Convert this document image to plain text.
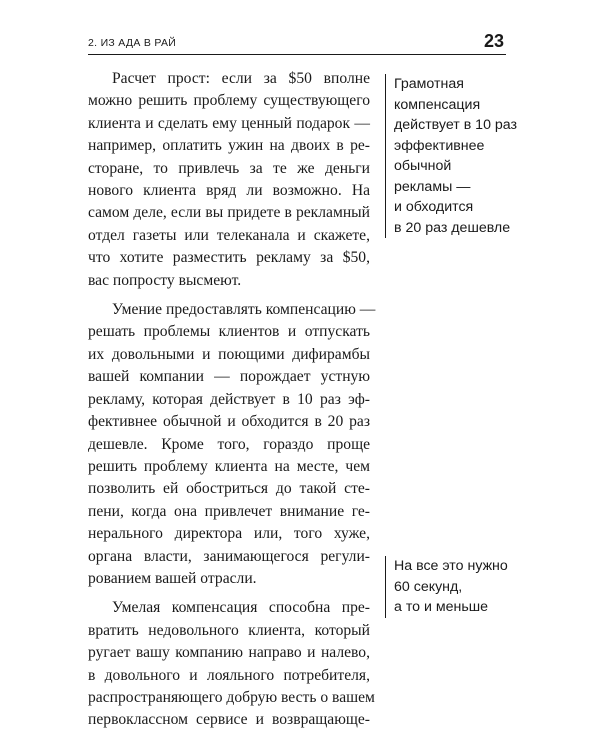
2. ИЗ АДА В РАЙ	23
Расчет прост: если за $50 вполне
можно решить проблему существующего
клиента и сделать ему ценный подарок —
например, оплатить ужин на двоих в ре-
сторане, то привлечь за те же деньги
нового клиента вряд ли возможно. На
самом деле, если вы придете в рекламный
отдел газеты или телеканала и скажете,
что хотите разместить рекламу за $50,
вас попросту высмеют.
Умение предоставлять компенсацию —
решать проблемы клиентов и отпускать
их довольными и поющими дифирамбы
вашей компании — порождает устную
рекламу, которая действует в 10 раз эф-
фективнее обычной и обходится в 20 раз
дешевле. Кроме того, гораздо проще
решить проблему клиента на месте, чем
позволить ей обостриться до такой сте-
пени, когда она привлечет внимание ге-
нерального директора или, того хуже,
органа власти, занимающегося регули-
рованием вашей отрасли.
Умелая компенсация способна пре-
вратить недовольного клиента, который
ругает вашу компанию направо и налево,
в довольного и лояльного потребителя,
распространяющего добрую весть о вашем
первоклассном сервисе и возвращающе-
Грамотная
компенсация
действует в 10 раз
эффективнее
обычной
рекламы —
и обходится
в 20 раз дешевле
На все это нужно
60 секунд,
а то и меньше
